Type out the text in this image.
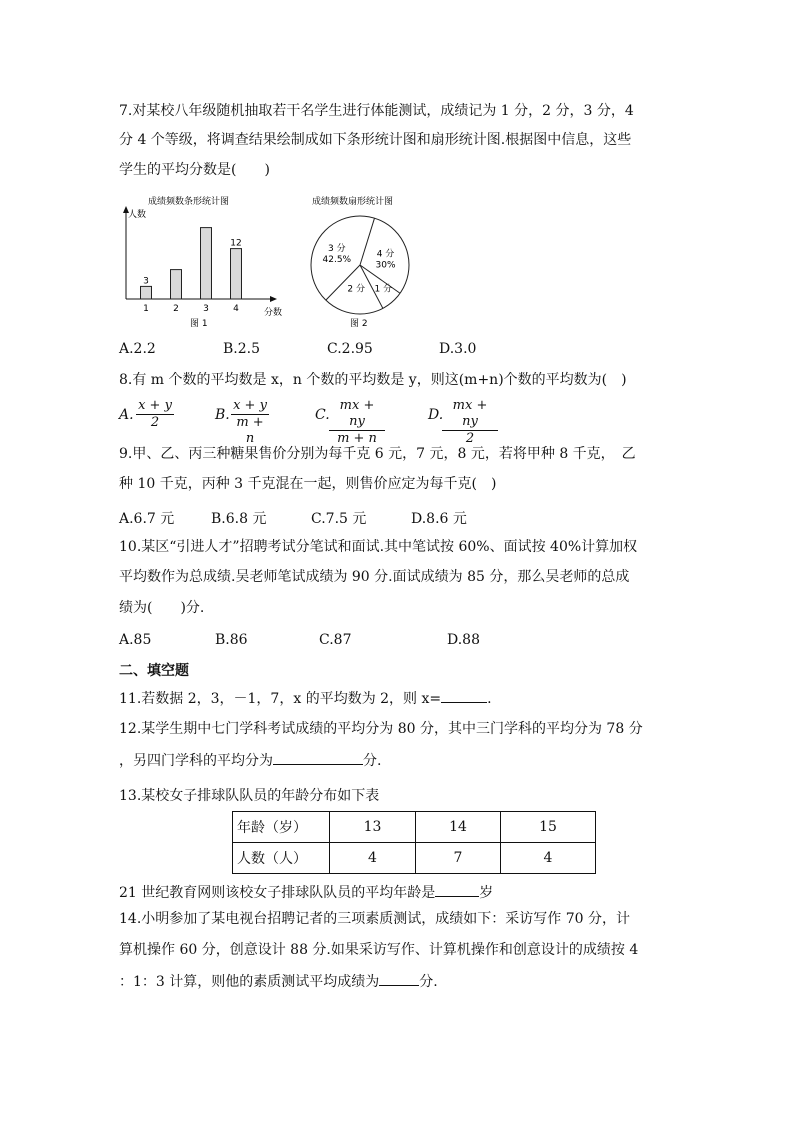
7.对某校八年级随机抽取若干名学生进行体能测试，成绩记为 1 分，2 分，3 分，4
分 4 个等级，将调查结果绘制成如下条形统计图和扇形统计图.根据图中信息，这些
学生的平均分数是(　　)
成绩频数条形统计图
人数
分数
图 1
1
3
2	3	4
12
成绩频数扇形统计图
4 分
30%
1 分
2 分
3 分
42.5%
图 2
A.2.2	B.2.5	C.2.95	D.3.0
8.有 m 个数的平均数是 x，n 个数的平均数是 y，则这(m+n)个数的平均数为(　)
A. $\frac{x + y}{2}$	B. $\frac{x + y}{m + n}$	C. $\frac{mx + ny}{m + n}$	D.
$\frac{mx + ny}{2}$
9.甲、乙、丙三种糖果售价分别为每千克 6 元，7 元，8 元，若将甲种 8 千克，　乙
种 10 千克，丙种 3 千克混在一起，则售价应定为每千克(　)
A.6.7 元	B.6.8 元	C.7.5 元	D.8.6 元
10.某区“引进人才”招聘考试分笔试和面试.其中笔试按 60%、面试按 40%计算加权
平均数作为总成绩.吴老师笔试成绩为 90 分.面试成绩为 85 分，那么吴老师的总成
绩为(　　)分.
A.85	B.86	C.87	D.88
二、填空题
11.若数据 2，3，－1，7，x 的平均数为 2，则 x=	.
12.某学生期中七门学科考试成绩的平均分为 80 分，其中三门学科的平均分为 78 分
，另四门学科的平均分为	分.
13.某校女子排球队队员的年龄分布如下表
年龄（岁）	13	14	15
人数（人）	4	7	4
21 世纪教育网则该校女子排球队队员的平均年龄是	岁
14.小明参加了某电视台招聘记者的三项素质测试，成绩如下：采访写作 70 分，计
算机操作 60 分，创意设计 88 分.如果采访写作、计算机操作和创意设计的成绩按 4
：1：3 计算，则他的素质测试平均成绩为	分.
